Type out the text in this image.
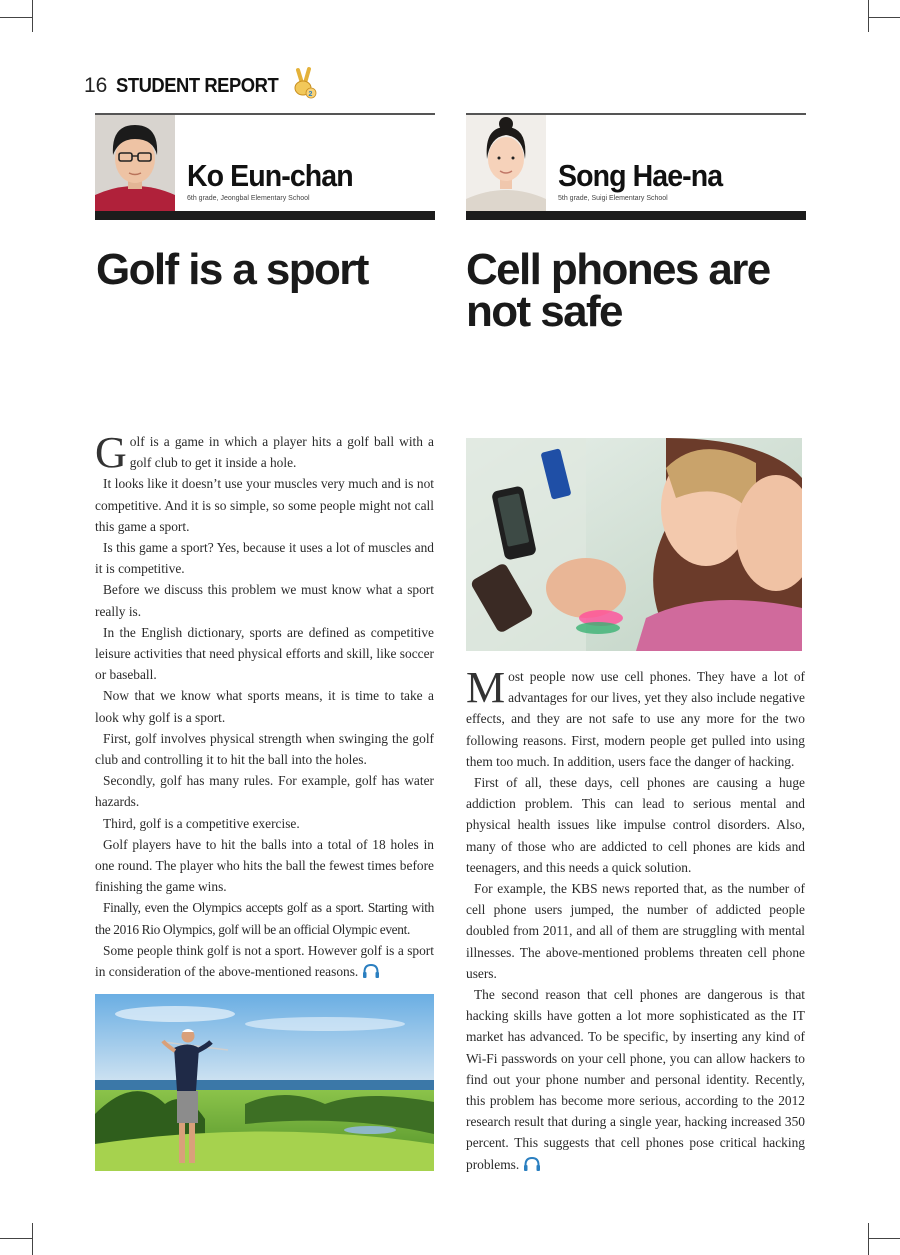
16 STUDENT REPORT	2
Ko Eun-chan
6th grade, Jeongbal Elementary School
Song Hae-na
5th grade, Suigi Elementary School
Golf is a sport Cell phones are
not safe

Golf is a game in which a player hits a golf ball with a golf club to get it inside a hole.

It looks like it doesn’t use your muscles very much and is not competitive. And it is so simple, so some people might not call this game a sport.

Is this game a sport? Yes, because it uses a lot of muscles and it is competitive.

Before we discuss this problem we must know what a sport really is.

In the English dictionary, sports are defined as competitive leisure activities that need physical efforts and skill, like soccer or baseball.

Now that we know what sports means, it is time to take a look why golf is a sport.

First, golf involves physical strength when swinging the golf club and controlling it to hit the ball into the holes.

Secondly, golf has many rules. For example, golf has water hazards.

Third, golf is a competitive exercise.

Golf players have to hit the balls into a total of 18 holes in one round. The player who hits the ball the fewest times before finishing the game wins.

Finally, even the Olympics accepts golf as a sport. Starting with the 2016 Rio Olympics, golf will be an official Olympic event.

Some people think golf is not a sport. However golf is a sport in consideration of the above-mentioned reasons.

Most people now use cell phones. They have a lot of advantages for our lives, yet they also include negative effects, and they are not safe to use any more for the two following reasons. First, modern people get pulled into using them too much. In addition, users face the danger of hacking.

First of all, these days, cell phones are causing a huge addiction problem. This can lead to serious mental and physical health issues like impulse control disorders. Also, many of those who are addicted to cell phones are kids and teenagers, and this needs a quick solution.

For example, the KBS news reported that, as the number of cell phone users jumped, the number of addicted people doubled from 2011, and all of them are struggling with mental illnesses. The above-mentioned problems threaten cell phone users.

The second reason that cell phones are dangerous is that hacking skills have gotten a lot more sophisticated as the IT market has advanced. To be specific, by inserting any kind of Wi-Fi passwords on your cell phone, you can allow hackers to find out your phone number and personal identity. Recently, this problem has become more serious, according to the 2012 research result that during a single year, hacking increased 350 percent. This suggests that cell phones pose critical hacking problems.
